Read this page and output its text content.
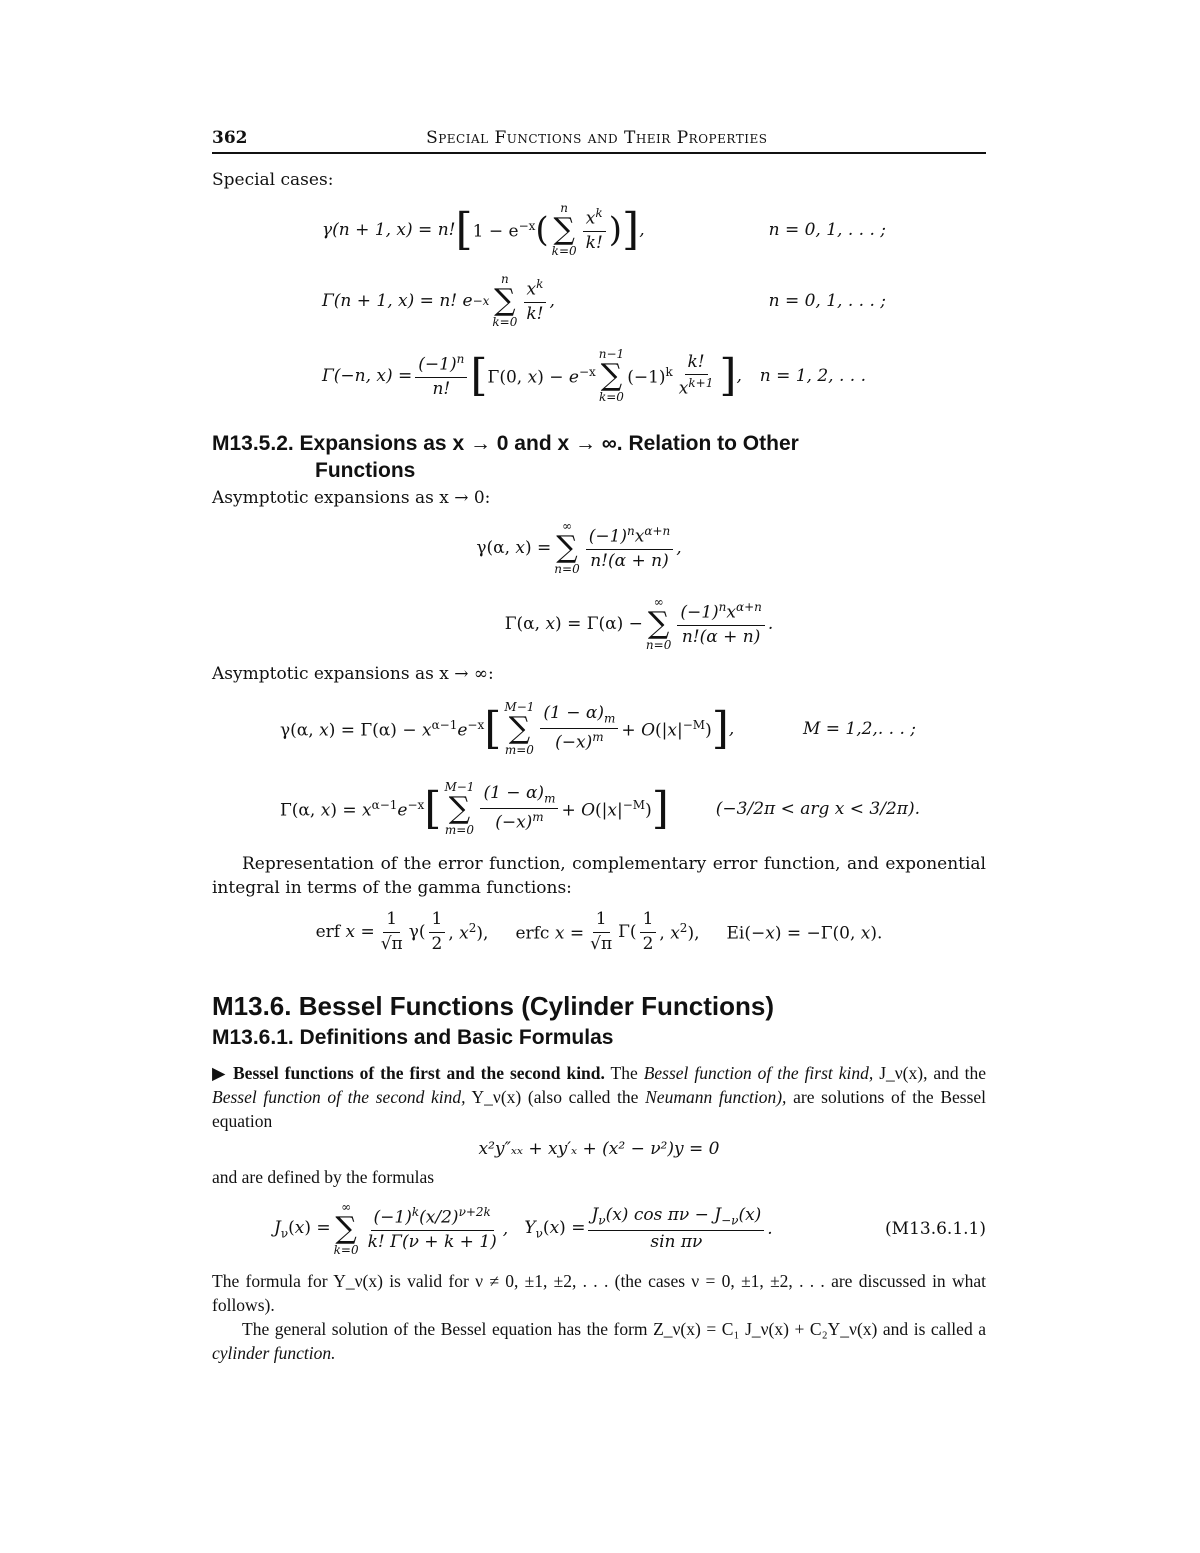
362	Special Functions and Their Properties
Special cases:
γ(n + 1, x) = n! [ $1 - e^{-x}$ (
n
∑
$k=0 \frac{x^k}{k!}$ ) ] ,	n = 0, 1, . . . ;
Γ(n + 1, x) = n! e −x
n
∑
$k=0 \frac{x^k}{k!}$ ,	n = 0, 1, . . . ;
Γ(−n, $x) = \frac{(-1)^n}{n!}$ [ Γ(0, $x) - e^{-x}$
n−1
∑
k=0
$(-1)^k \frac{k!}{x^{k+1}}$ ] , n = 1, 2, . . .
M13.5.2. Expansions as x → 0 and x → ∞. Relation to Other
Functions
Asymptotic expansions as x → 0:
γ(α, x) =
∞
∑
$n=0 \frac{(-1)^nx^{\alpha+n}}{n!(\alpha + n)}$ ,
Γ(α, x) = Γ(α) −
∞
∑
$n=0 \frac{(-1)^nx^{\alpha+n}}{n!(\alpha + n)}$ .
Asymptotic expansions as x → ∞:
γ(α, $x) = \Gamma(\alpha) - x^{\alpha-1}e^{-x}$ [ M−1
∑
$m=0 \frac{(1 - \alpha)_m}{(-x)^m} + O(|x|^{-M})$ ] ,	M = 1,2,. . . ;
Γ(α, $x) = x^{\alpha-1}e^{-x}$ [ M−1
∑
$m=0 \frac{(1 - \alpha)_m}{(-x)^m} + O(|x|^{-M})$ ]	(−3/2π < arg x < 3/2π).
Representation of the error function, complementary error function, and exponential integral in terms of the gamma functions:
erf $x = \frac{1}{√\pi} \gamma( \frac{1}{2}$ , $x^2$),     erfc $x = \frac{1}{√\pi} \Gamma( \frac{1}{2}$ , $x^2$),     Ei(−x) = −Γ(0, x).
M13.6. Bessel Functions (Cylinder Functions)
M13.6.1. Definitions and Basic Formulas
▶ Bessel functions of the first and the second kind. The Bessel function of the first kind, J_ν(x), and the Bessel function of the second kind, Y_ν(x) (also called the Neumann function), are solutions of the Bessel equation
x²y″ₓₓ + xy′ₓ + (x² − ν²)y = 0
and are defined by the formulas
$J_\nu(x)$ =
∞
∑
$k=0 \frac{(-1)^k(x/2)^{\nu+2k}}{k! \Gamma(\nu + k + 1)}$ , $Y_\nu(x) = \frac{J_\nu(x) \cos \pi\nu - J_{-\nu}(x)}{\text{sin πν}}$ .	(M13.6.1.1)
The formula for Y_ν(x) is valid for ν ≠ 0, ±1, ±2, . . . (the cases ν = 0, ±1, ±2, . . . are discussed in what follows).
The general solution of the Bessel equation has the form Z_ν(x) = C₁ J_ν(x) + C₂Y_ν(x) and is called a cylinder function.
